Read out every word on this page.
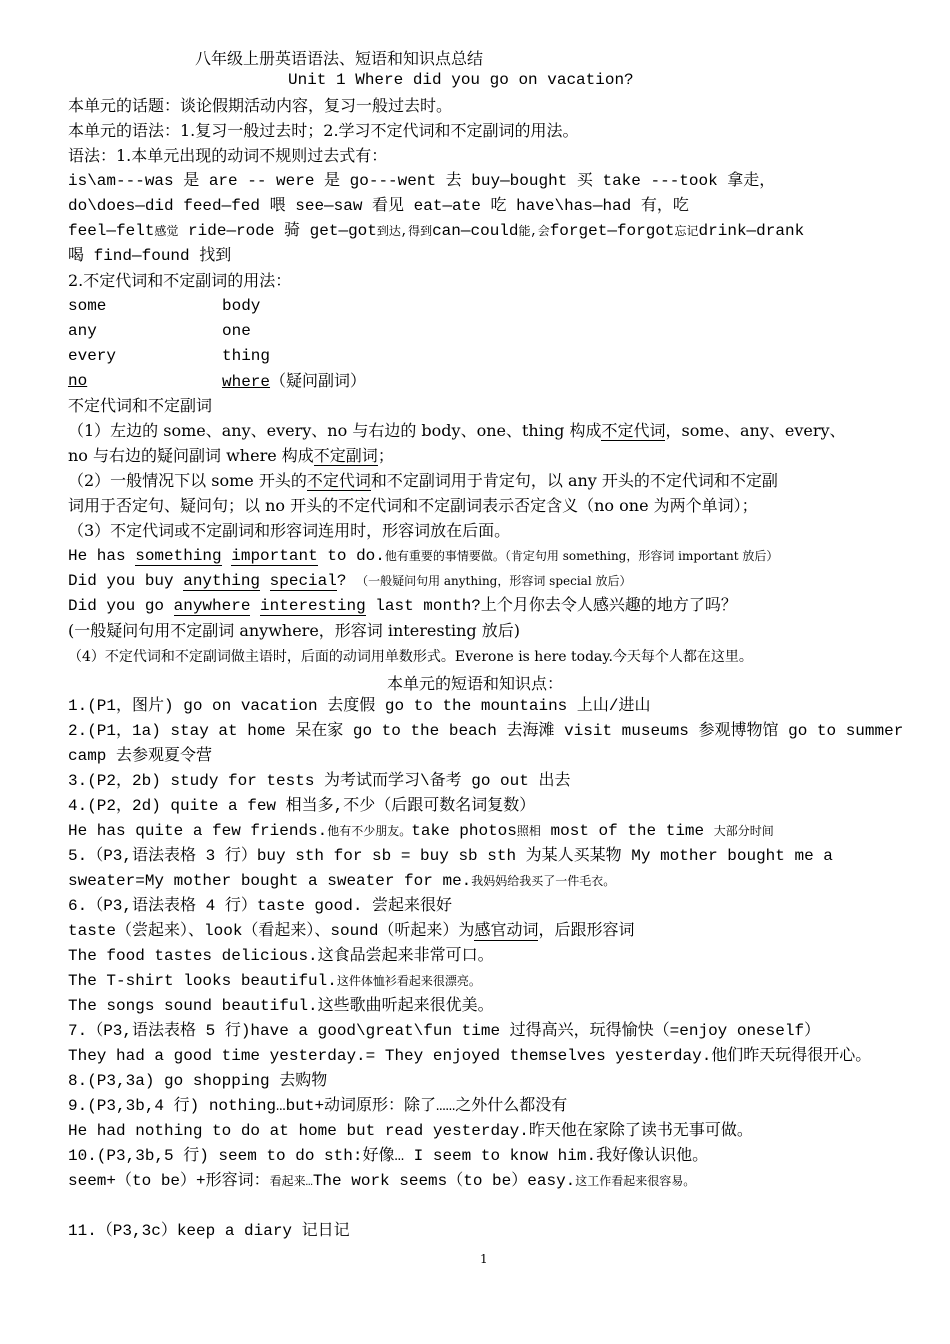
八年级上册英语语法、短语和知识点总结
Unit 1 Where did you go on vacation?
本单元的话题：谈论假期活动内容，复习一般过去时。
本单元的语法：1.复习一般过去时；2.学习不定代词和不定副词的用法。
语法：1.本单元出现的动词不规则过去式有：
is\am---was 是 are -- were 是 go---went 去 buy—bought 买 take ---took 拿走，
do\does—did feed—fed 喂 see—saw 看见 eat—ate 吃 have\has—had 有，吃
feel—felt感觉 ride—rode 骑 get—got到达,得到can—could能,会forget—forgot忘记drink—drank
喝 find—found 找到
2.不定代词和不定副词的用法：
some	body
any	one
every	thing
no	where（疑问副词）
不定代词和不定副词
（1）左边的 some、any、every、no 与右边的 body、one、thing 构成不定代词，some、any、every、
no 与右边的疑问副词 where 构成不定副词；
（2）一般情况下以 some 开头的不定代词和不定副词用于肯定句，以 any 开头的不定代词和不定副
词用于否定句、疑问句；以 no 开头的不定代词和不定副词表示否定含义（no one 为两个单词）；
（3）不定代词或不定副词和形容词连用时，形容词放在后面。
He has something important to do.他有重要的事情要做。（肯定句用 something，形容词 important 放后）
Did you buy anything special? （一般疑问句用 anything，形容词 special 放后）
Did you go anywhere interesting last month?上个月你去令人感兴趣的地方了吗？
(一般疑问句用不定副词 anywhere，形容词 interesting 放后)
（4）不定代词和不定副词做主语时，后面的动词用单数形式。Everone is here today.今天每个人都在这里。
本单元的短语和知识点：
1.(P1，图片) go on vacation 去度假 go to the mountains 上山/进山
2.(P1，1a) stay at home 呆在家 go to the beach 去海滩 visit museums 参观博物馆 go to summer
camp 去参观夏令营
3.(P2，2b) study for tests 为考试而学习\备考 go out 出去
4.(P2，2d) quite a few 相当多,不少（后跟可数名词复数）
He has quite a few friends.他有不少朋友。take photos照相 most of the time 大部分时间
5.（P3,语法表格 3 行）buy sth for sb = buy sb sth 为某人买某物 My mother bought me a
sweater=My mother bought a sweater for me.我妈妈给我买了一件毛衣。
6.（P3,语法表格 4 行）taste good. 尝起来很好
taste（尝起来）、look（看起来）、sound（听起来）为感官动词，后跟形容词
The food tastes delicious.这食品尝起来非常可口。
The T-shirt looks beautiful.这件体恤衫看起来很漂亮。
The songs sound beautiful.这些歌曲听起来很优美。
7.（P3,语法表格 5 行)have a good\great\fun time 过得高兴，玩得愉快（=enjoy oneself）
They had a good time yesterday.= They enjoyed themselves yesterday.他们昨天玩得很开心。
8.(P3,3a) go shopping 去购物
9.(P3,3b,4 行) nothing…but+动词原形：除了……之外什么都没有
He had nothing to do at home but read yesterday.昨天他在家除了读书无事可做。
10.(P3,3b,5 行) seem to do sth:好像… I seem to know him.我好像认识他。
seem+（to be）+形容词：看起来…The work seems（to be）easy.这工作看起来很容易。
11.（P3,3c）keep a diary 记日记
1
